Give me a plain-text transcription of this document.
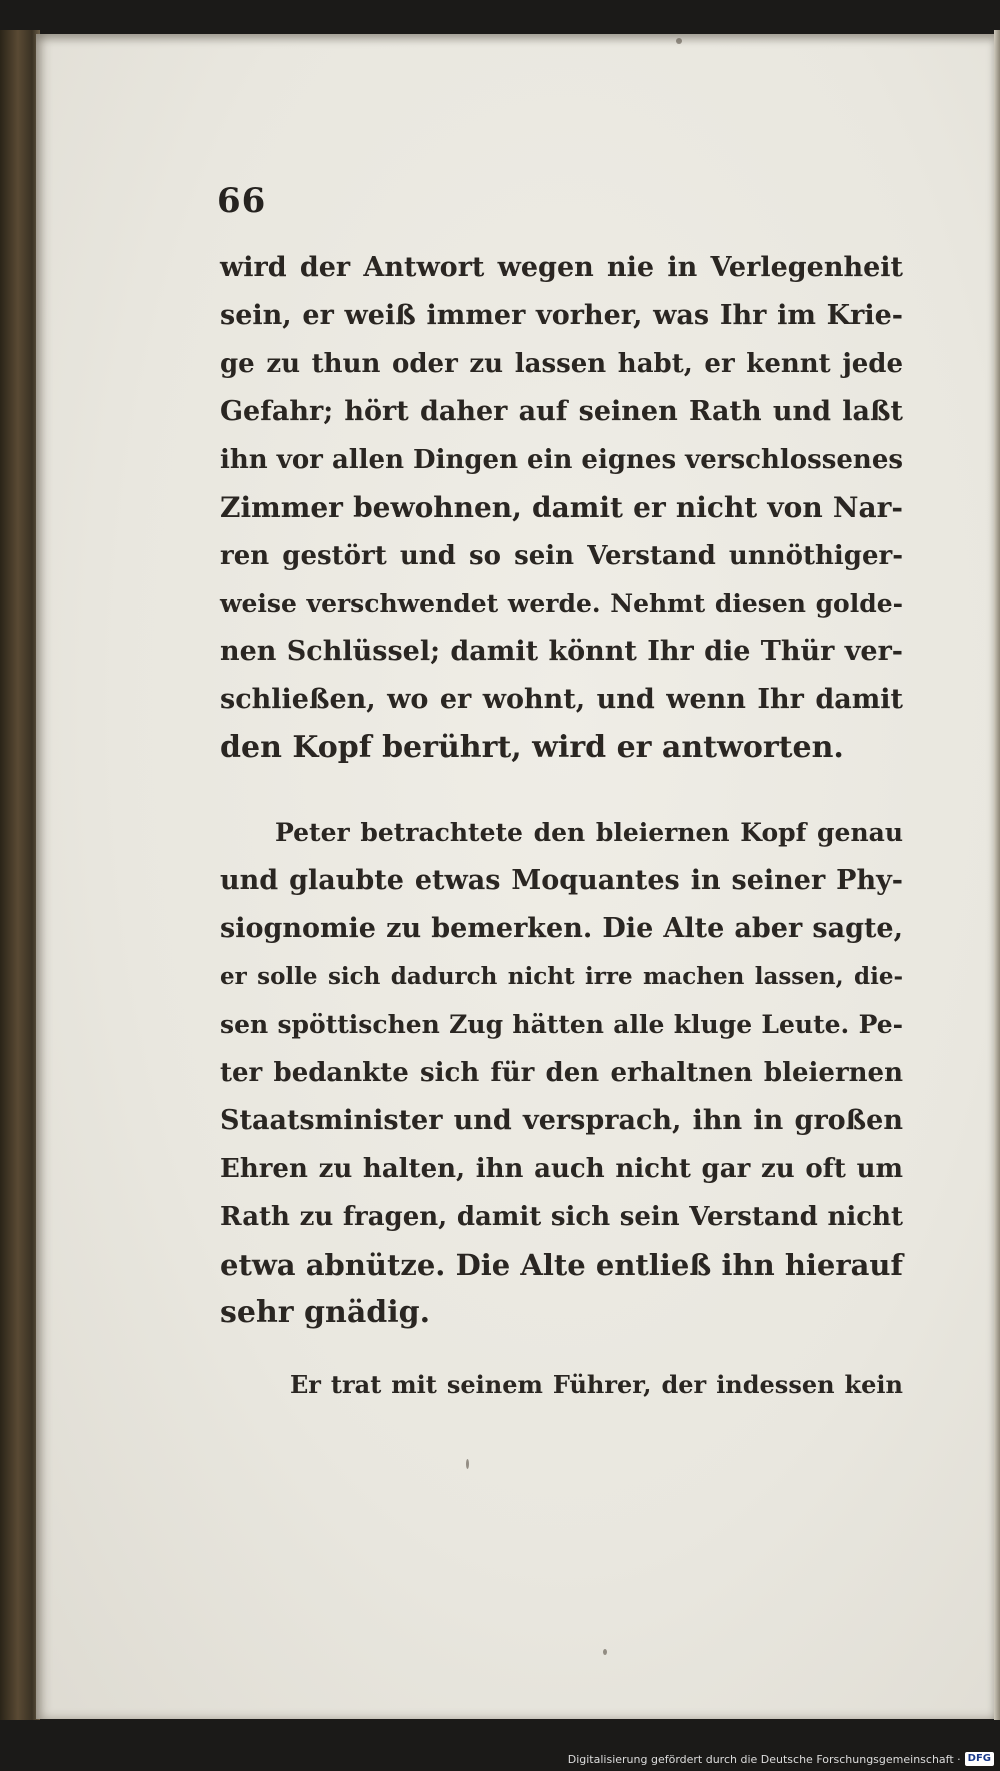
66
wird der Antwort wegen nie in Verlegenheit
sein, er weiß immer vorher, was Ihr im Krie-
ge zu thun oder zu lassen habt, er kennt jede
Gefahr; hört daher auf seinen Rath und laßt
ihn vor allen Dingen ein eignes verschlossenes
Zimmer bewohnen, damit er nicht von Nar-
ren gestört und so sein Verstand unnöthiger-
weise verschwendet werde. Nehmt diesen golde-
nen Schlüssel; damit könnt Ihr die Thür ver-
schließen, wo er wohnt, und wenn Ihr damit
den Kopf berührt, wird er antworten.
Peter betrachtete den bleiernen Kopf genau
und glaubte etwas Moquantes in seiner Phy-
siognomie zu bemerken. Die Alte aber sagte,
er solle sich dadurch nicht irre machen lassen, die-
sen spöttischen Zug hätten alle kluge Leute. Pe-
ter bedankte sich für den erhaltnen bleiernen
Staatsminister und versprach, ihn in großen
Ehren zu halten, ihn auch nicht gar zu oft um
Rath zu fragen, damit sich sein Verstand nicht
etwa abnütze. Die Alte entließ ihn hierauf
sehr gnädig.
Er trat mit seinem Führer, der indessen kein
Digitalisierung gefördert durch die Deutsche Forschungsgemeinschaft · DFG
